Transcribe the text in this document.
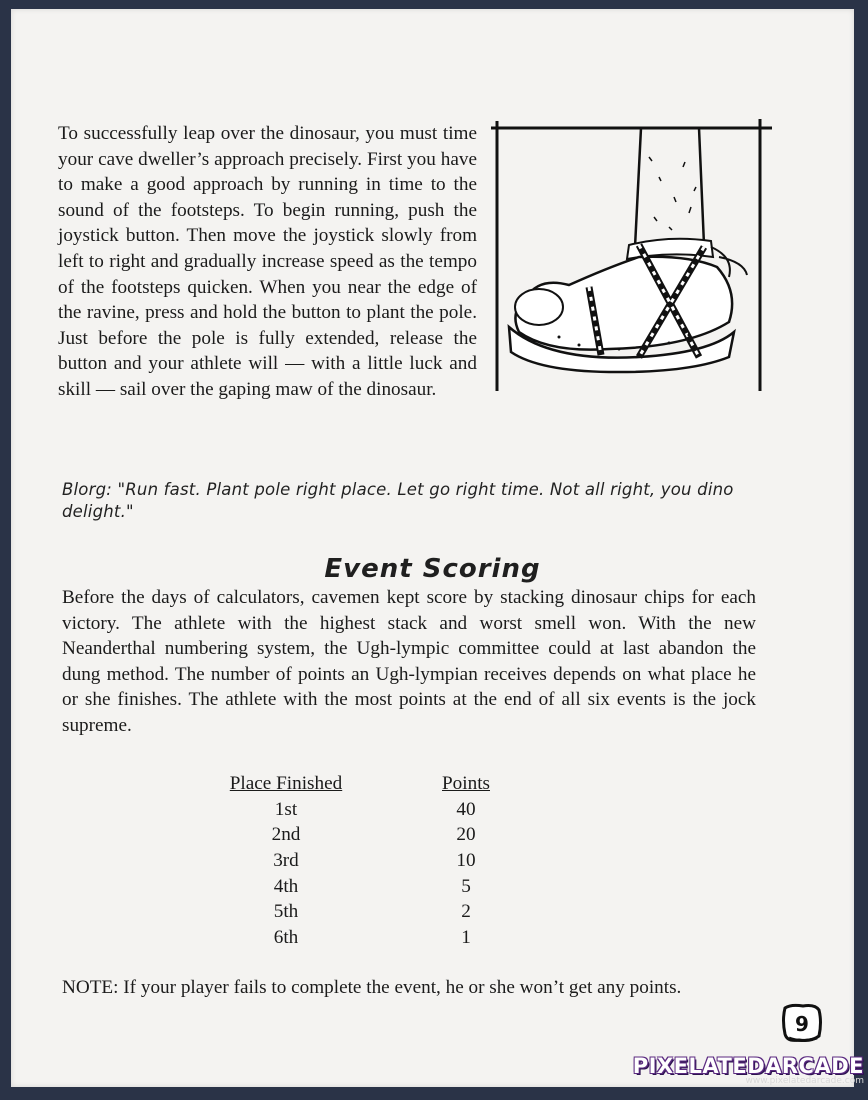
To successfully leap over the dinosaur, you must time your cave dweller’s approach precisely. First you have to make a good approach by running in time to the sound of the footsteps. To begin running, push the joystick button. Then move the joystick slowly from left to right and gradually increase speed as the tempo of the footsteps quicken. When you near the edge of the ravine, press and hold the button to plant the pole. Just before the pole is fully extended, release the button and your athlete will — with a little luck and skill — sail over the gaping maw of the dinosaur.
Blorg: "Run fast. Plant pole right place. Let go right time. Not all right, you dino delight."
Event Scoring
Before the days of calculators, cavemen kept score by stacking dinosaur chips for each victory. The athlete with the highest stack and worst smell won. With the new Neanderthal numbering system, the Ugh-lympic committee could at last abandon the dung method. The number of points an Ugh-lympian receives depends on what place he or she finishes. The athlete with the most points at the end of all six events is the jock supreme.
Place Finished		Points
1st		40
2nd		20
3rd		10
4th		5
5th		2
6th		1
NOTE: If your player fails to complete the event, he or she won’t get any points.
9
PIXELATEDARCADE
www.pixelatedarcade.com
